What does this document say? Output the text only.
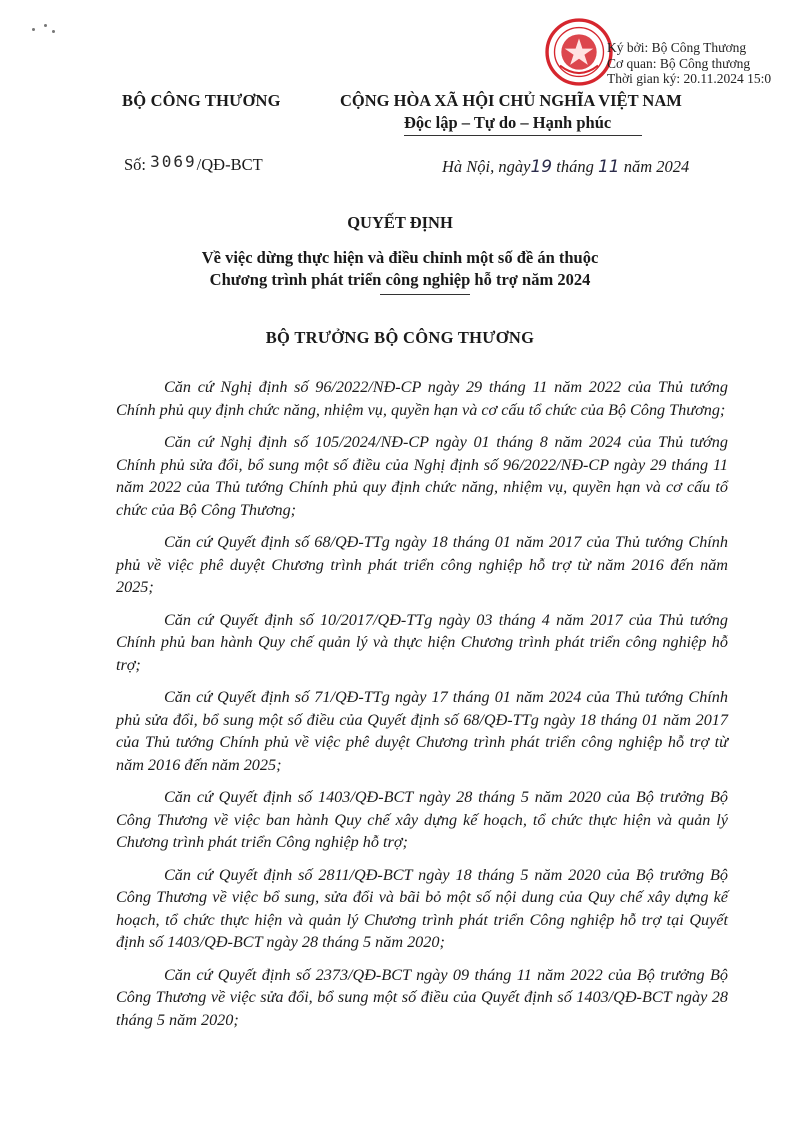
Ký bởi: Bộ Công Thương
Cơ quan: Bộ Công thương
Thời gian ký: 20.11.2024 15:0
BỘ CÔNG THƯƠNG	CỘNG HÒA XÃ HỘI CHỦ NGHĨA VIỆT NAM
Độc lập – Tự do – Hạnh phúc
Số: 3069/QĐ-BCT	Hà Nội, ngày19 tháng 11 năm 2024
QUYẾT ĐỊNH
Về việc dừng thực hiện và điều chỉnh một số đề án thuộc
Chương trình phát triển công nghiệp hỗ trợ năm 2024
BỘ TRƯỞNG BỘ CÔNG THƯƠNG

Căn cứ Nghị định số 96/2022/NĐ-CP ngày 29 tháng 11 năm 2022 của Thủ tướng Chính phủ quy định chức năng, nhiệm vụ, quyền hạn và cơ cấu tổ chức của Bộ Công Thương;

Căn cứ Nghị định số 105/2024/NĐ-CP ngày 01 tháng 8 năm 2024 của Thủ tướng Chính phủ sửa đổi, bổ sung một số điều của Nghị định số 96/2022/NĐ-CP ngày 29 tháng 11 năm 2022 của Thủ tướng Chính phủ quy định chức năng, nhiệm vụ, quyền hạn và cơ cấu tổ chức của Bộ Công Thương;

Căn cứ Quyết định số 68/QĐ-TTg ngày 18 tháng 01 năm 2017 của Thủ tướng Chính phủ về việc phê duyệt Chương trình phát triển công nghiệp hỗ trợ từ năm 2016 đến năm 2025;

Căn cứ Quyết định số 10/2017/QĐ-TTg ngày 03 tháng 4 năm 2017 của Thủ tướng Chính phủ ban hành Quy chế quản lý và thực hiện Chương trình phát triển công nghiệp hỗ trợ;

Căn cứ Quyết định số 71/QĐ-TTg ngày 17 tháng 01 năm 2024 của Thủ tướng Chính phủ sửa đổi, bổ sung một số điều của Quyết định số 68/QĐ-TTg ngày 18 tháng 01 năm 2017 của Thủ tướng Chính phủ về việc phê duyệt Chương trình phát triển công nghiệp hỗ trợ từ năm 2016 đến năm 2025;

Căn cứ Quyết định số 1403/QĐ-BCT ngày 28 tháng 5 năm 2020 của Bộ trưởng Bộ Công Thương về việc ban hành Quy chế xây dựng kế hoạch, tổ chức thực hiện và quản lý Chương trình phát triển Công nghiệp hỗ trợ;

Căn cứ Quyết định số 2811/QĐ-BCT ngày 18 tháng 5 năm 2020 của Bộ trưởng Bộ Công Thương về việc bổ sung, sửa đổi và bãi bỏ một số nội dung của Quy chế xây dựng kế hoạch, tổ chức thực hiện và quản lý Chương trình phát triển Công nghiệp hỗ trợ tại Quyết định số 1403/QĐ-BCT ngày 28 tháng 5 năm 2020;

Căn cứ Quyết định số 2373/QĐ-BCT ngày 09 tháng 11 năm 2022 của Bộ trưởng Bộ Công Thương về việc sửa đổi, bổ sung một số điều của Quyết định số 1403/QĐ-BCT ngày 28 tháng 5 năm 2020;
